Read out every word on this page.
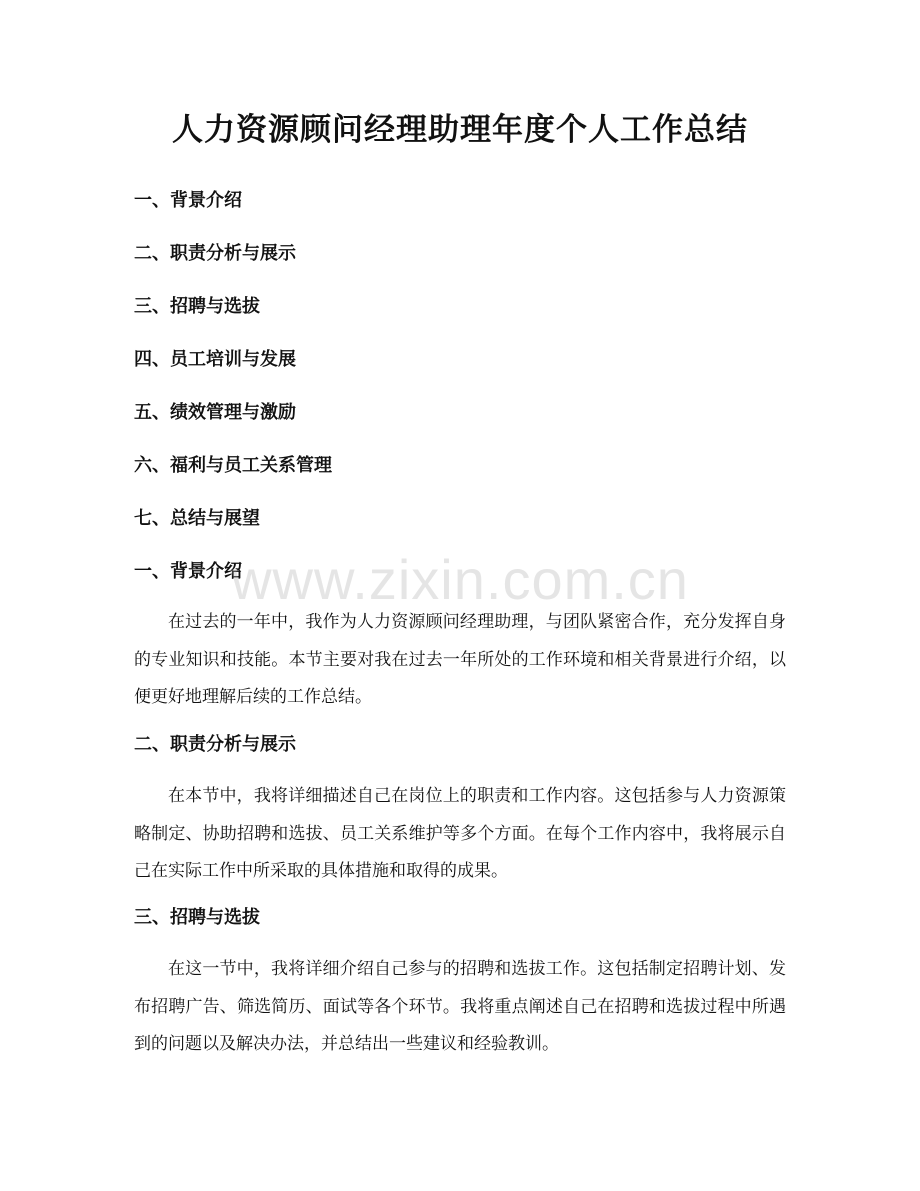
人力资源顾问经理助理年度个人工作总结
一、背景介绍
二、职责分析与展示
三、招聘与选拔
四、员工培训与发展
五、绩效管理与激励
六、福利与员工关系管理
七、总结与展望
一、背景介绍

在过去的一年中，我作为人力资源顾问经理助理，与团队紧密合作，充分发挥自身的专业知识和技能。本节主要对我在过去一年所处的工作环境和相关背景进行介绍，以便更好地理解后续的工作总结。

二、职责分析与展示

在本节中，我将详细描述自己在岗位上的职责和工作内容。这包括参与人力资源策略制定、协助招聘和选拔、员工关系维护等多个方面。在每个工作内容中，我将展示自己在实际工作中所采取的具体措施和取得的成果。

三、招聘与选拔

在这一节中，我将详细介绍自己参与的招聘和选拔工作。这包括制定招聘计划、发布招聘广告、筛选简历、面试等各个环节。我将重点阐述自己在招聘和选拔过程中所遇到的问题以及解决办法，并总结出一些建议和经验教训。

www.zixin.com.cn
